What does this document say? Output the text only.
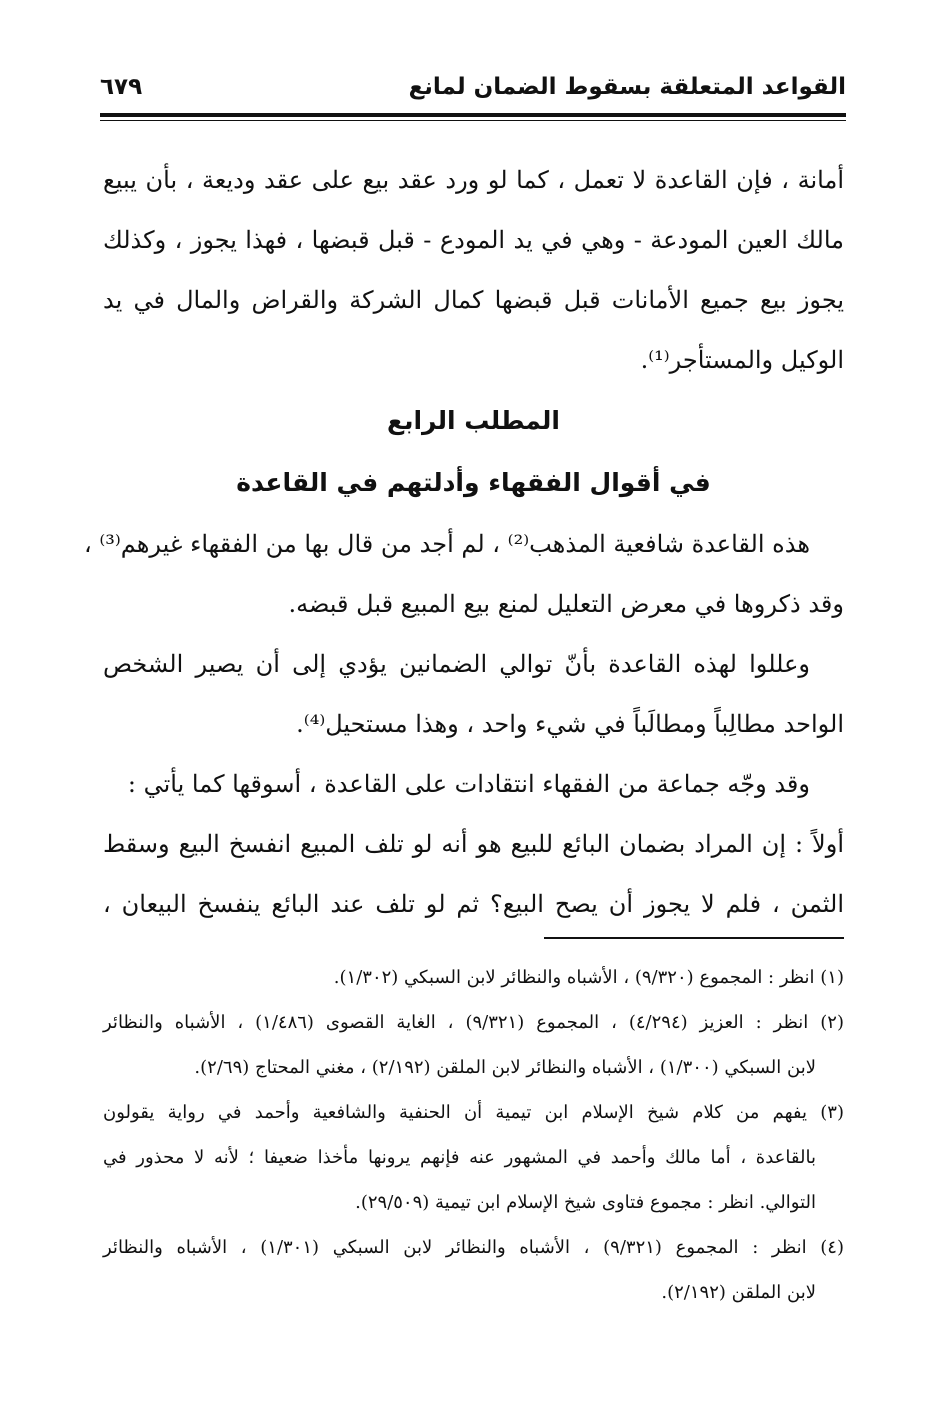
القواعد المتعلقة بسقوط الضمان لمانع
٦٧٩
أمانة ، فإن القاعدة لا تعمل ، كما لو ورد عقد بيع على عقد وديعة ، بأن يبيع
مالك العين المودعة - وهي في يد المودع - قبل قبضها ، فهذا يجوز ، وكذلك
يجوز بيع جميع الأمانات قبل قبضها كمال الشركة والقراض والمال في يد
الوكيل والمستأجر⁽¹⁾.
المطلب الرابع
في أقوال الفقهاء وأدلتهم في القاعدة
هذه القاعدة شافعية المذهب⁽²⁾ ، لم أجد من قال بها من الفقهاء غيرهم⁽³⁾ ،
وقد ذكروها في معرض التعليل لمنع بيع المبيع قبل قبضه.
وعللوا لهذه القاعدة بأنّ توالي الضمانين يؤدي إلى أن يصير الشخص
الواحد مطالِباً ومطالَباً في شيء واحد ، وهذا مستحيل⁽⁴⁾.
وقد وجّه جماعة من الفقهاء انتقادات على القاعدة ، أسوقها كما يأتي :
أولاً : إن المراد بضمان البائع للبيع هو أنه لو تلف المبيع انفسخ البيع وسقط
الثمن ، فلم لا يجوز أن يصح البيع؟ ثم لو تلف عند البائع ينفسخ البيعان ،
(١) انظر : المجموع (٩/٣٢٠) ، الأشباه والنظائر لابن السبكي (١/٣٠٢).
(٢) انظر : العزيز (٤/٢٩٤) ، المجموع (٩/٣٢١) ، الغاية القصوى (١/٤٨٦) ، الأشباه والنظائر
لابن السبكي (١/٣٠٠) ، الأشباه والنظائر لابن الملقن (٢/١٩٢) ، مغني المحتاج (٢/٦٩).
(٣) يفهم من كلام شيخ الإسلام ابن تيمية أن الحنفية والشافعية وأحمد في رواية يقولون
بالقاعدة ، أما مالك وأحمد في المشهور عنه فإنهم يرونها مأخذا ضعيفا ؛ لأنه لا محذور في
التوالي. انظر : مجموع فتاوى شيخ الإسلام ابن تيمية (٢٩/٥٠٩).
(٤) انظر : المجموع (٩/٣٢١) ، الأشباه والنظائر لابن السبكي (١/٣٠١) ، الأشباه والنظائر
لابن الملقن (٢/١٩٢).
